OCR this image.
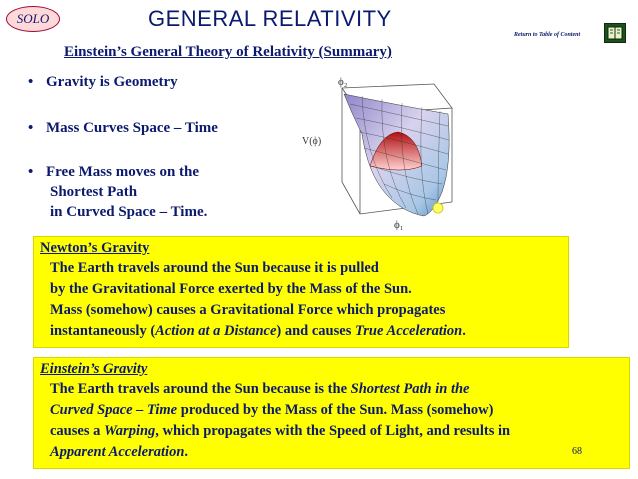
SOLO	GENERAL RELATIVITY
Return to Table of Content
Einstein’s General Theory of Relativity (Summary)
• Gravity is Geometry
• Mass Curves Space – Time
• Free Mass moves on the
Shortest Path
in Curved Space – Time.
ϕ₂
V(ϕ)
ϕ₁
Newton’s Gravity
The Earth travels around the Sun because it is pulled
by the Gravitational Force exerted by the Mass of the Sun.
Mass (somehow) causes a Gravitational Force which propagates
instantaneously (Action at a Distance) and causes True Acceleration.
Einstein’s Gravity
The Earth travels around the Sun because is the Shortest Path in the
Curved Space – Time produced by the Mass of the Sun. Mass (somehow)
causes a Warping, which propagates with the Speed of Light, and results in
Apparent Acceleration.	68
